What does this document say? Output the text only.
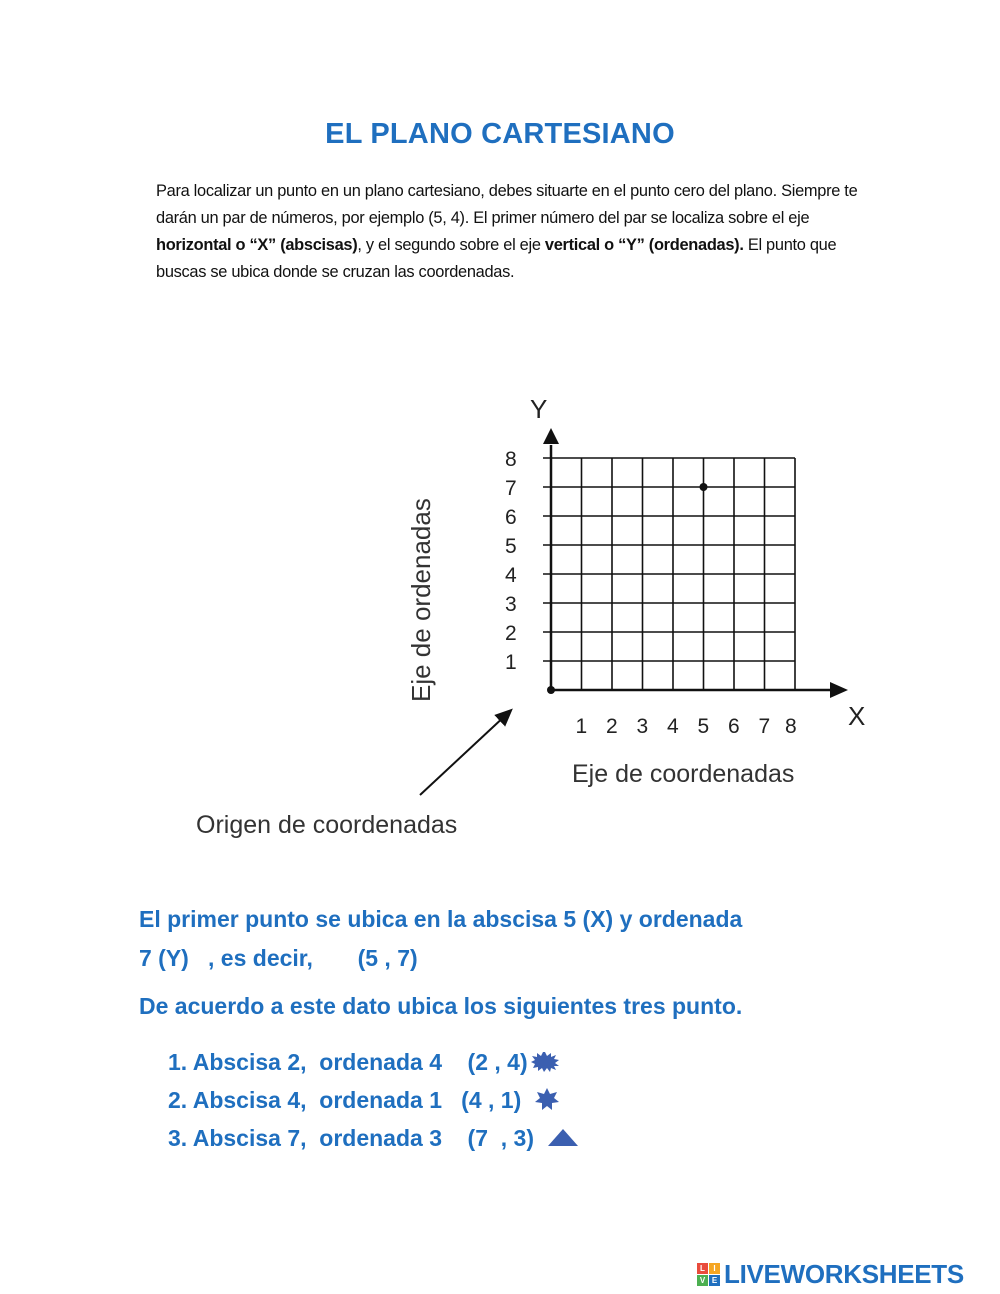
EL PLANO CARTESIANO
Para localizar un punto en un plano cartesiano, debes situarte en el punto cero del plano. Siempre te darán un par de números, por ejemplo (5, 4). El primer número del par se localiza sobre el eje horizontal o “X” (abscisas), y el segundo sobre el eje vertical o “Y” (ordenadas). El punto que buscas se ubica donde se cruzan las coordenadas.
Y
X
1
2
3
4
5
6
7
8
1 2 3 4 5 6 7 8
Eje de ordenadas
Eje de coordenadas
Origen de coordenadas
El primer punto se ubica en la abscisa 5 (X) y ordenada
7 (Y)   , es decir,       (5 , 7)
De acuerdo a este dato ubica los siguientes tres punto.
1. Abscisa 2,  ordenada 4    (2 , 4)
2. Abscisa 4,  ordenada 1   (4 , 1)
3. Abscisa 7,  ordenada 3    (7  , 3)
L	I
V E LIVEWORKSHEETS
